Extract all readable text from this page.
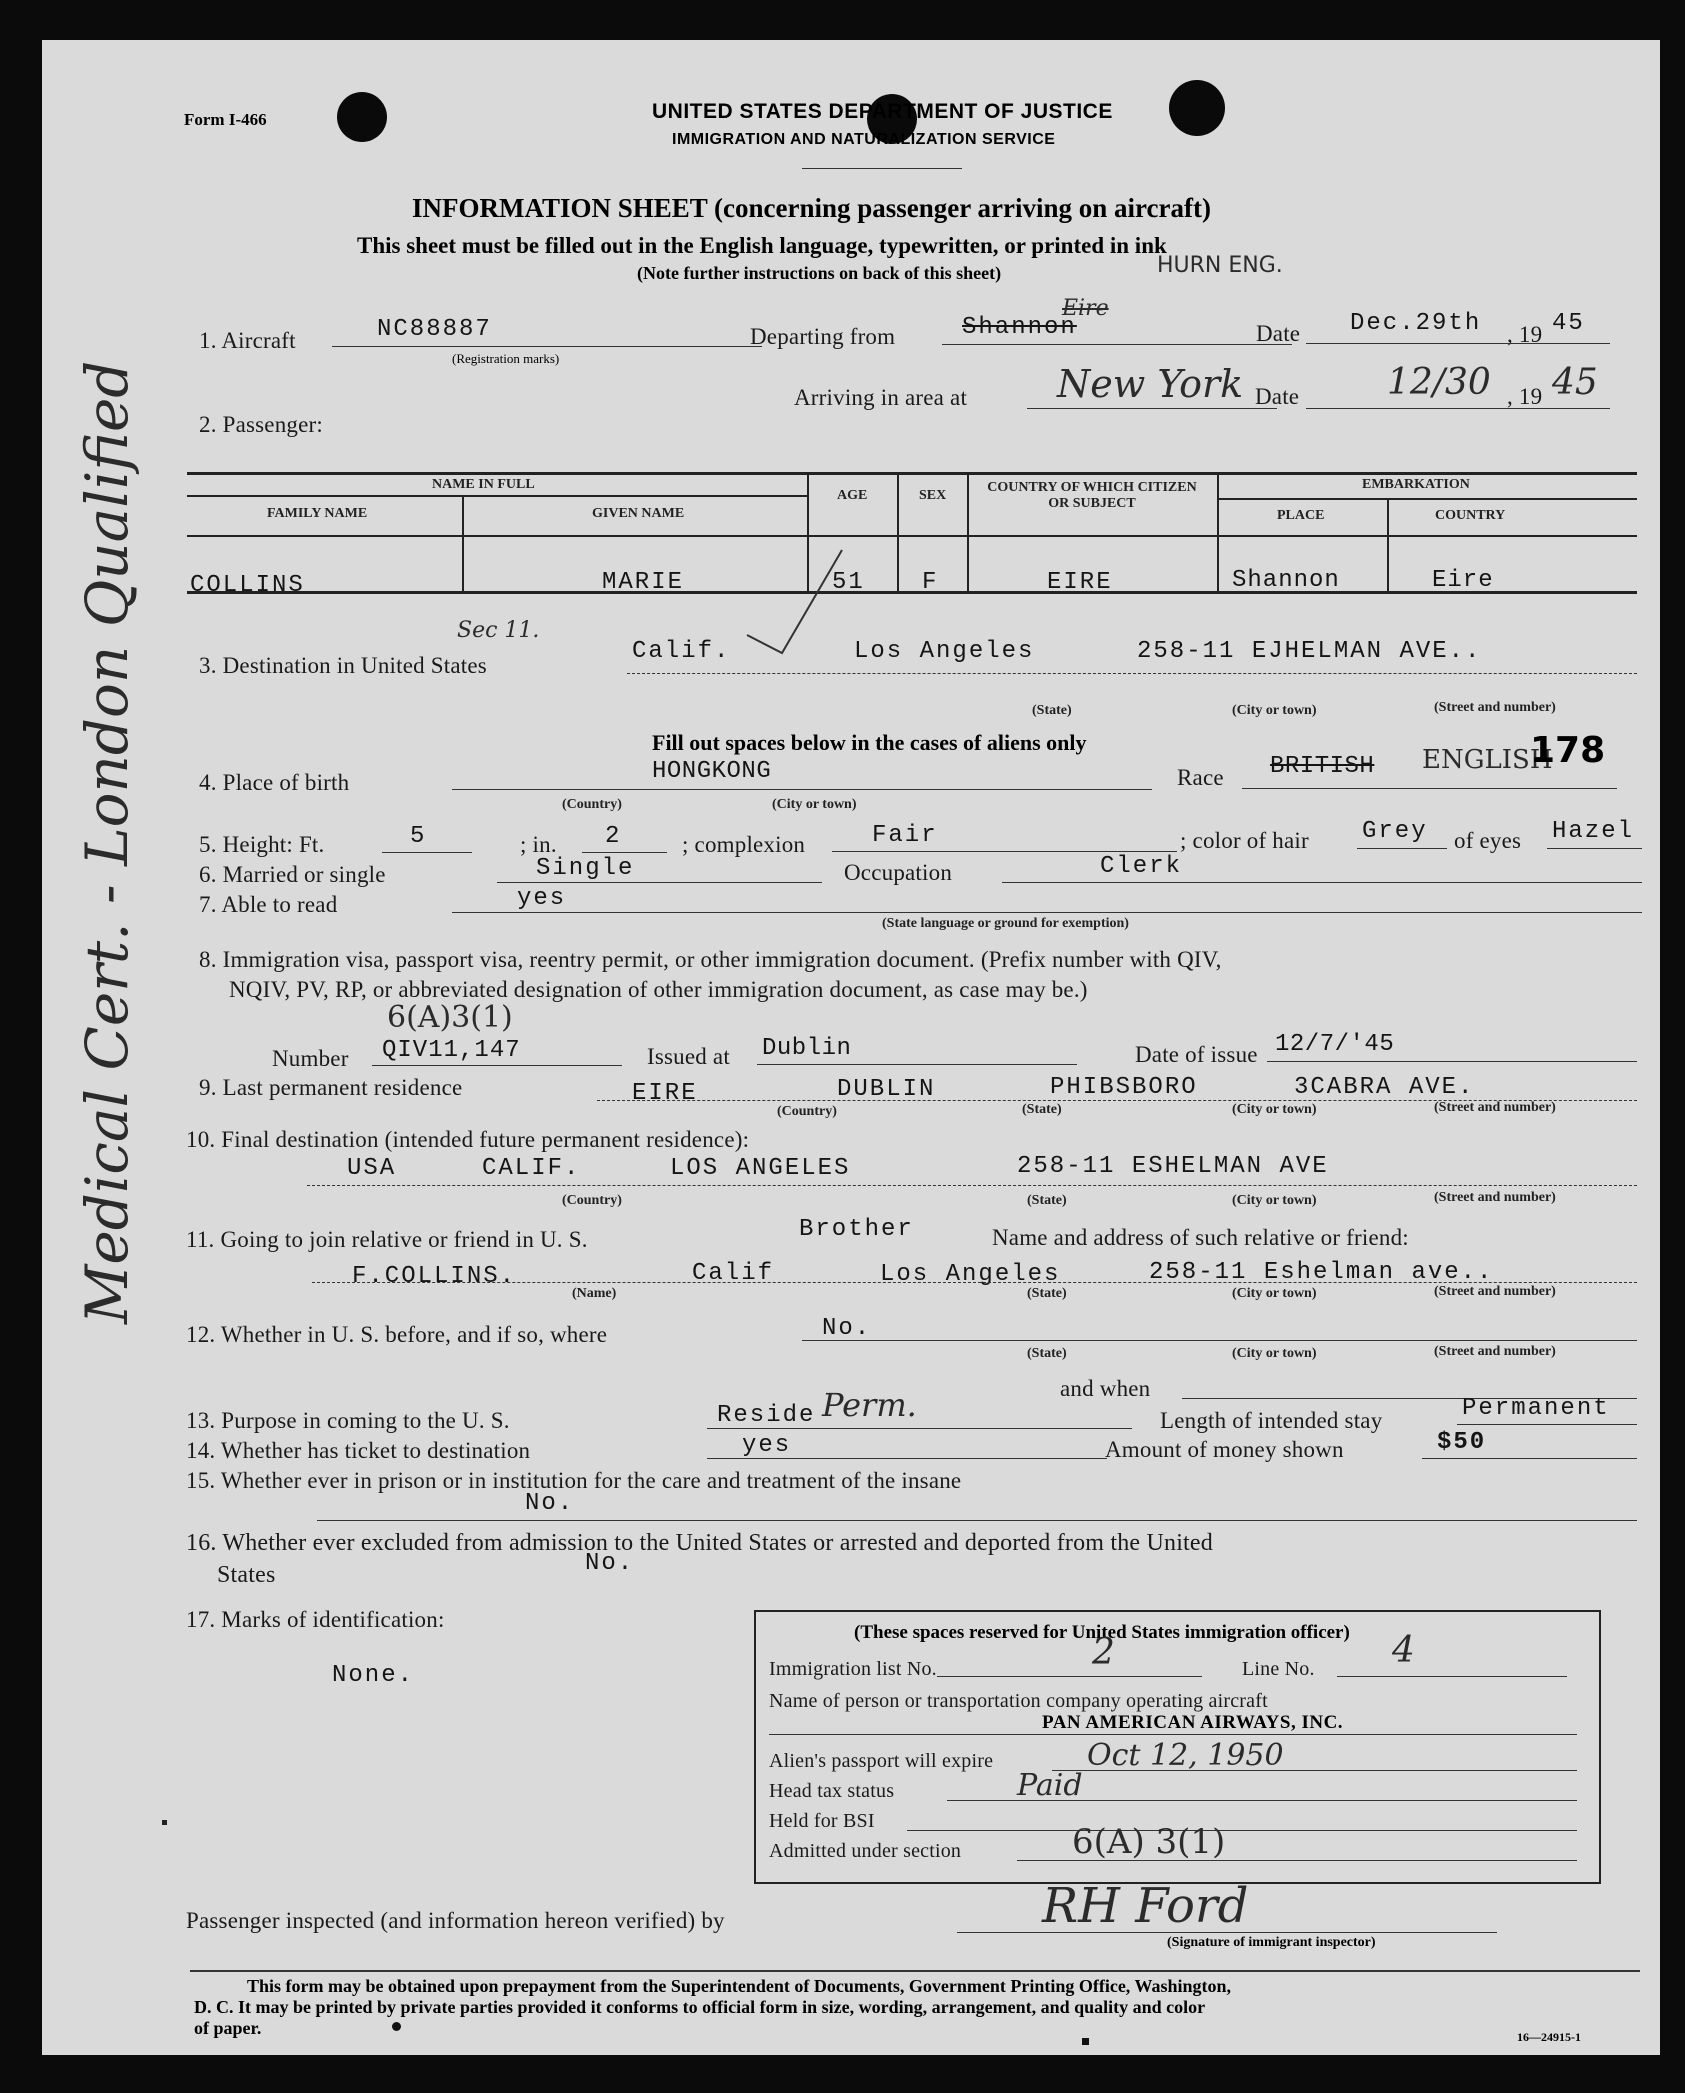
Form I-466	UNITED STATES DEPARTMENT OF JUSTICE
IMMIGRATION AND NATURALIZATION SERVICE
INFORMATION SHEET (concerning passenger arriving on aircraft)
This sheet must be filled out in the English language, typewritten, or printed in ink
(Note further instructions on back of this sheet)	HURN ENG.
Medical Cert. - London Qualified
1. Aircraft	NC88887
(Registration marks)
Departing from	Shannon
Eire
Date Dec.29th , 19 45
Arriving in area at New York Date 12/30 , 19 45
2. Passenger:
NAME IN FULL
FAMILY NAME	GIVEN NAME
AGE	SEX
COUNTRY OF WHICH CITIZEN OR SUBJECT
EMBARKATION
PLACE	COUNTRY
COLLINS	MARIE	51 F	EIRE	Shannon	Eire
3. Destination in United States
Sec 11.
Calif.	Los Angeles	258-11 EJHELMAN AVE..
(State)	(City or town)	(Street and number)
Fill out spaces below in the cases of aliens only
4. Place of birth	HONGKONG
(Country)	(City or town)
Race BRITISH ENGLISH
178
5. Height: Ft.	5	; in. 2	; complexion	Fair	; color of hair Grey of eyes Hazel
6. Married or single	Single	Occupation	Clerk
7. Able to read	yes
(State language or ground for exemption)
8. Immigration visa, passport visa, reentry permit, or other immigration document. (Prefix number with QIV,
NQIV, PV, RP, or abbreviated designation of other immigration document, as case may be.)
6(A)3(1)
Number QIV11,147	Issued at Dublin	Date of issue 12/7/'45
9. Last permanent residence	EIRE	DUBLIN	PHIBSBORO	3CABRA AVE.
(Country)	(State)	(City or town)	(Street and number)
10. Final destination (intended future permanent residence):
USA	CALIF.	LOS ANGELES	258-11 ESHELMAN AVE
(Country)	(State)	(City or town)	(Street and number)
11. Going to join relative or friend in U. S.	Brother	Name and address of such relative or friend:
F.COLLINS.	Calif	Los Angeles	258-11 Eshelman ave..
(Name)	(State)	(City or town)	(Street and number)
12. Whether in U. S. before, and if so, where	No.
(State)	(City or town)	(Street and number)
and when
13. Purpose in coming to the U. S.	Reside Perm.	Length of intended stay	Permanent
14. Whether has ticket to destination	yes	Amount of money shown	$50
15. Whether ever in prison or in institution for the care and treatment of the insane
No.
16. Whether ever excluded from admission to the United States or arrested and deported from the United
States	No.
17. Marks of identification:
None.
(These spaces reserved for United States immigration officer)
Immigration list No.	2	Line No. 4
Name of person or transportation company operating aircraft
PAN AMERICAN AIRWAYS, INC.
Alien's passport will expire	Oct 12, 1950
Head tax status	Paid
Held for BSI
Admitted under section	6(A) 3(1)
Passenger inspected (and information hereon verified) by	RH Ford
(Signature of immigrant inspector)
This form may be obtained upon prepayment from the Superintendent of Documents, Government Printing Office, Washington,
D. C. It may be printed by private parties provided it conforms to official form in size, wording, arrangement, and quality and color
of paper.	16—24915-1
